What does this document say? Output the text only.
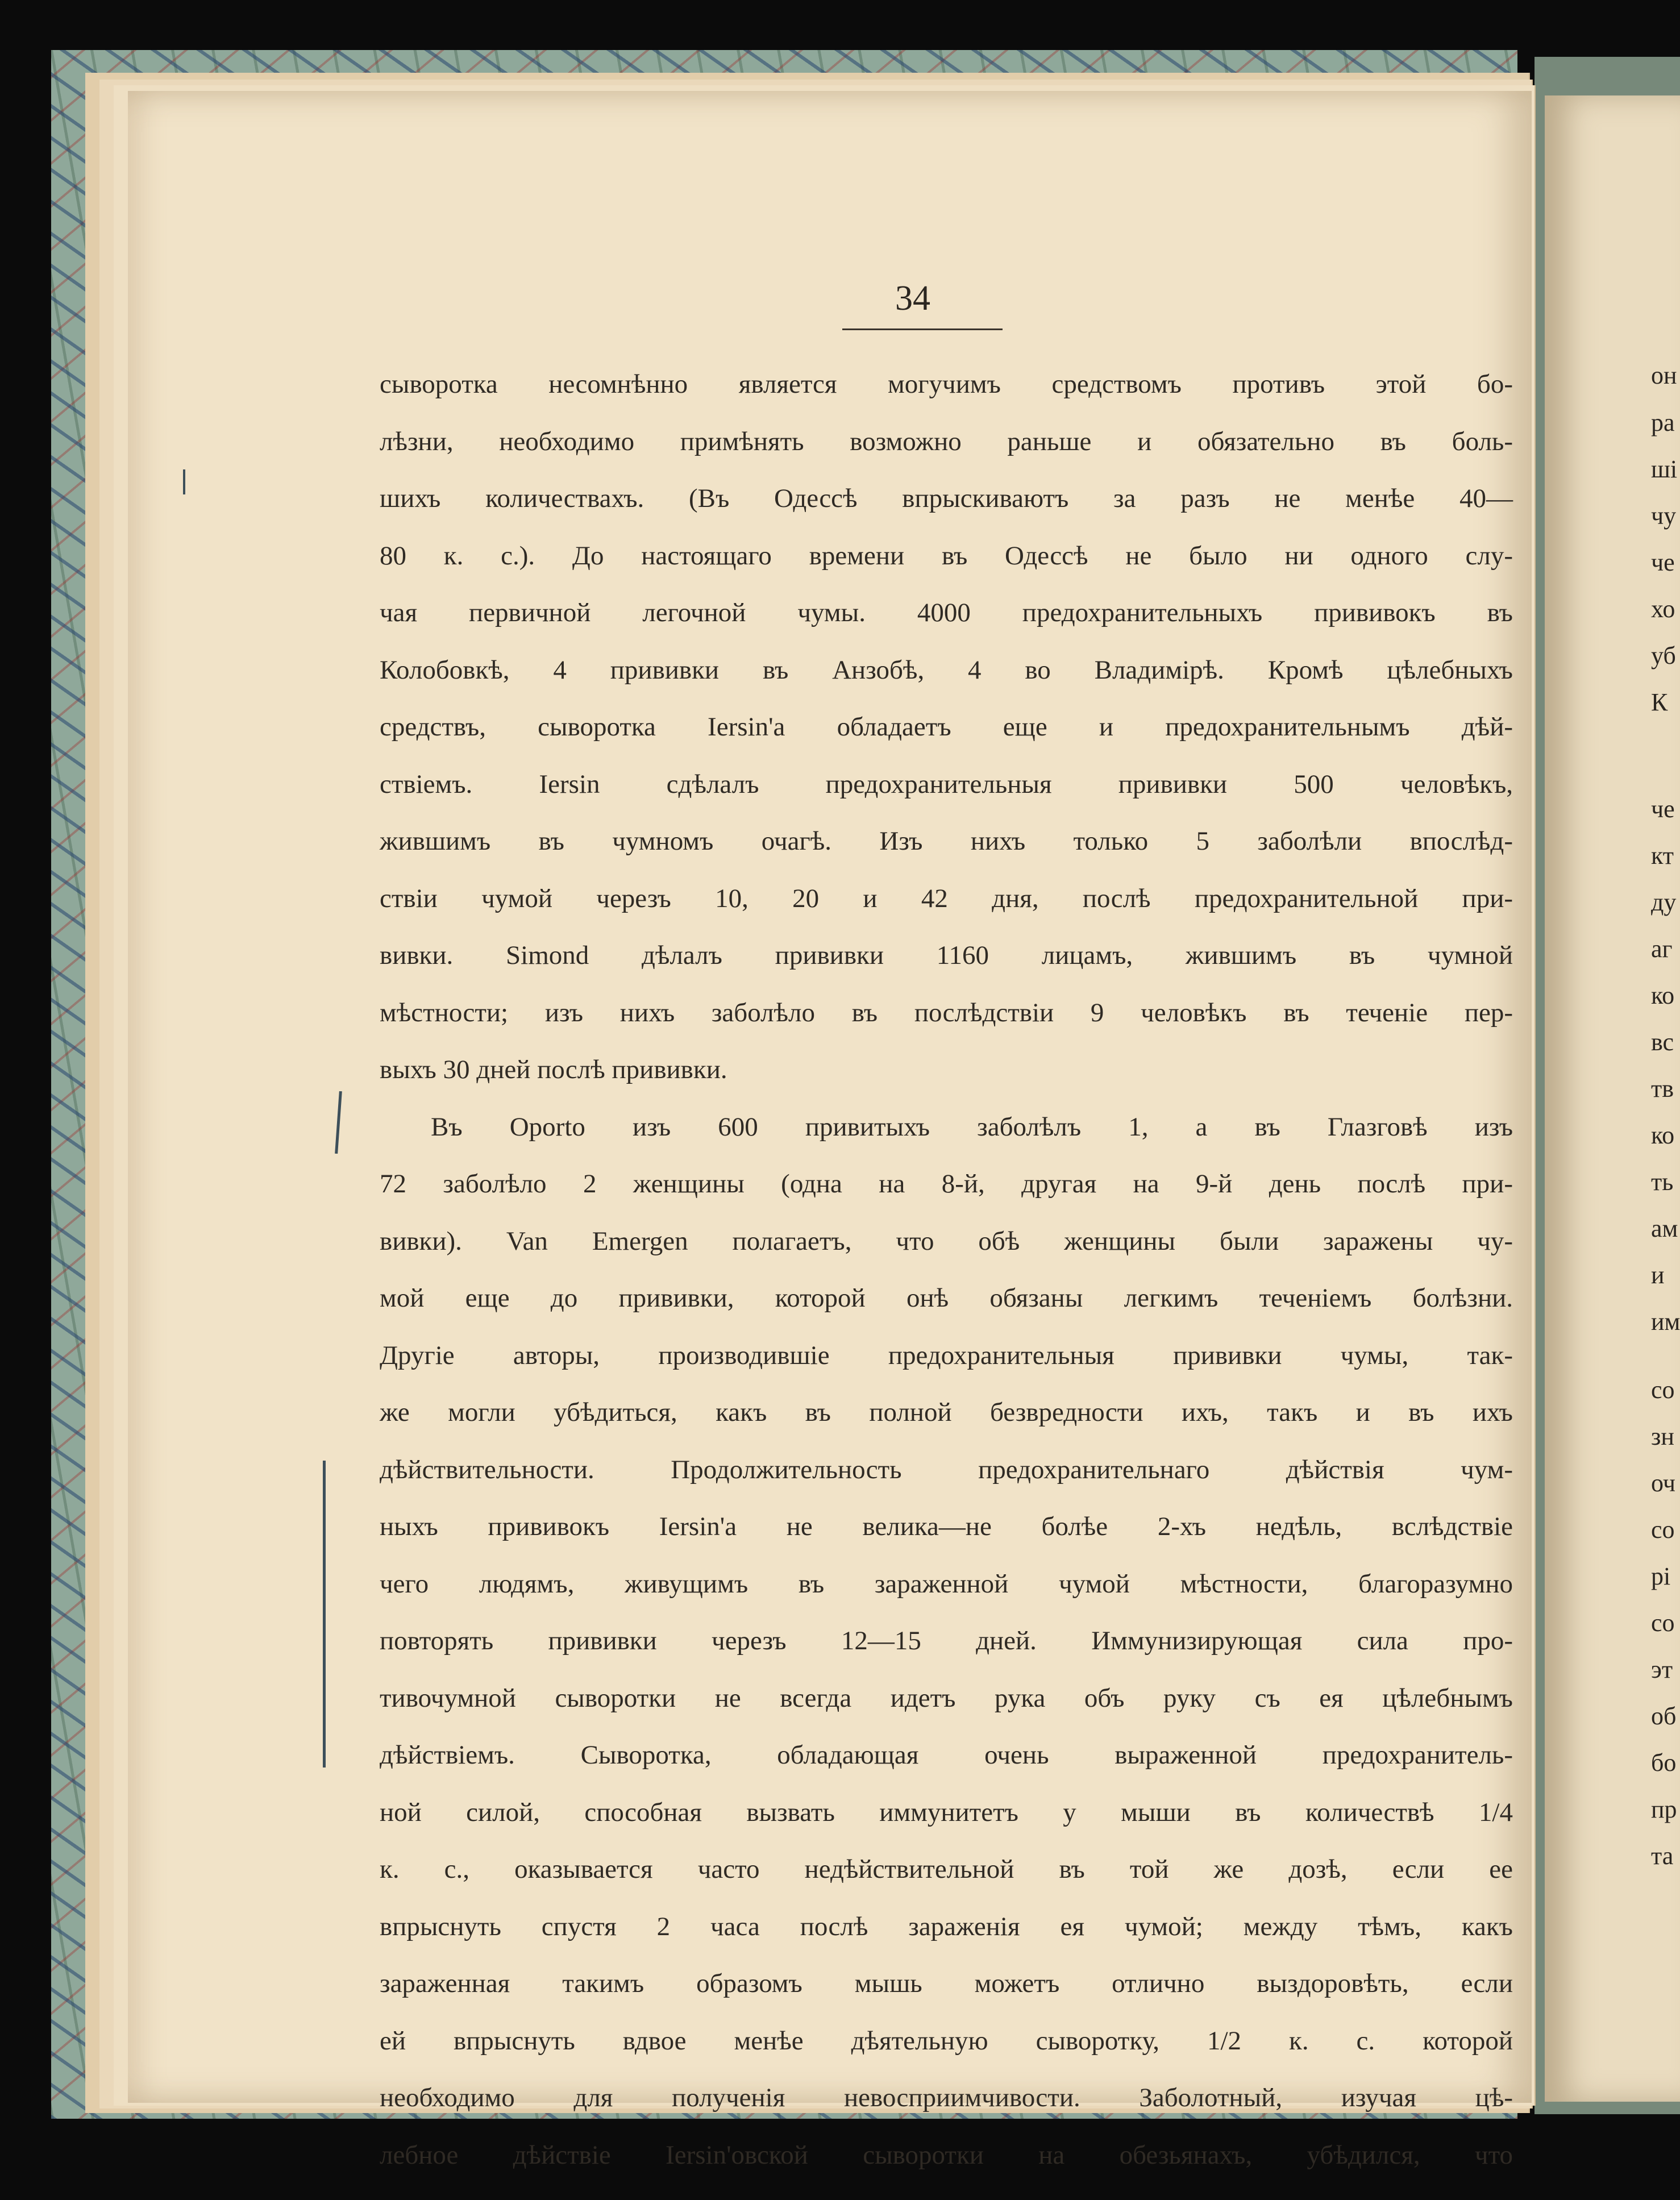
34
сыворотка несомнѣнно является могучимъ средствомъ противъ этой бо-
лѣзни, необходимо примѣнять возможно раньше и обязательно въ боль-
шихъ количествахъ. (Въ Одессѣ впрыскиваютъ за разъ не менѣе 40—
80 к. с.). До настоящаго времени въ Одессѣ не было ни одного слу-
чая первичной легочной чумы. 4000 предохранительныхъ прививокъ въ
Колобовкѣ, 4 прививки въ Анзобѣ, 4 во Владимірѣ. Кромѣ цѣлебныхъ
средствъ, сыворотка Iersin'а обладаетъ еще и предохранительнымъ дѣй-
ствіемъ. Iersin сдѣлалъ предохранительныя прививки 500 человѣкъ,
жившимъ въ чумномъ очагѣ. Изъ нихъ только 5 заболѣли впослѣд-
ствіи чумой черезъ 10, 20 и 42 дня, послѣ предохранительной при-
вивки. Simond дѣлалъ прививки 1160 лицамъ, жившимъ въ чумной
мѣстности; изъ нихъ заболѣло въ послѣдствіи 9 человѣкъ въ теченіе пер-
выхъ 30 дней послѣ прививки.
Въ Oporto изъ 600 привитыхъ заболѣлъ 1, а въ Глазговѣ изъ
72 заболѣло 2 женщины (одна на 8-й, другая на 9-й день послѣ при-
вивки). Van Emergen полагаетъ, что обѣ женщины были заражены чу-
мой еще до прививки, которой онѣ обязаны легкимъ теченіемъ болѣзни.
Другіе авторы, производившіе предохранительныя прививки чумы, так-
же могли убѣдиться, какъ въ полной безвредности ихъ, такъ и въ ихъ
дѣйствительности. Продолжительность предохранительнаго дѣйствія чум-
ныхъ прививокъ Iersin'а не велика—не болѣе 2-хъ недѣль, вслѣдствіе
чего людямъ, живущимъ въ зараженной чумой мѣстности, благоразумно
повторять прививки черезъ 12—15 дней. Иммунизирующая сила про-
тивочумной сыворотки не всегда идетъ рука объ руку съ ея цѣлебнымъ
дѣйствіемъ. Сыворотка, обладающая очень выраженной предохранитель-
ной силой, способная вызвать иммунитетъ у мыши въ количествѣ 1/4
к. с., оказывается часто недѣйствительной въ той же дозѣ, если ее
впрыснуть спустя 2 часа послѣ зараженія ея чумой; между тѣмъ, какъ
зараженная такимъ образомъ мышь можетъ отлично выздоровѣть, если
ей впрыснуть вдвое менѣе дѣятельную сыворотку, 1/2 к. с. которой
необходимо для полученія невосприимчивости. Заболотный, изучая цѣ-
лебное дѣйствіе Iersin'овской сыворотки на обезьянахъ, убѣдился, что
он
ра
ші
чу
че
хо
уб
К
че
кт
ду
аг
ко
вс
тв
ко
ть
ам
и
им
со
зн
оч
со
рі
со
эт
об
бо
пр
та
